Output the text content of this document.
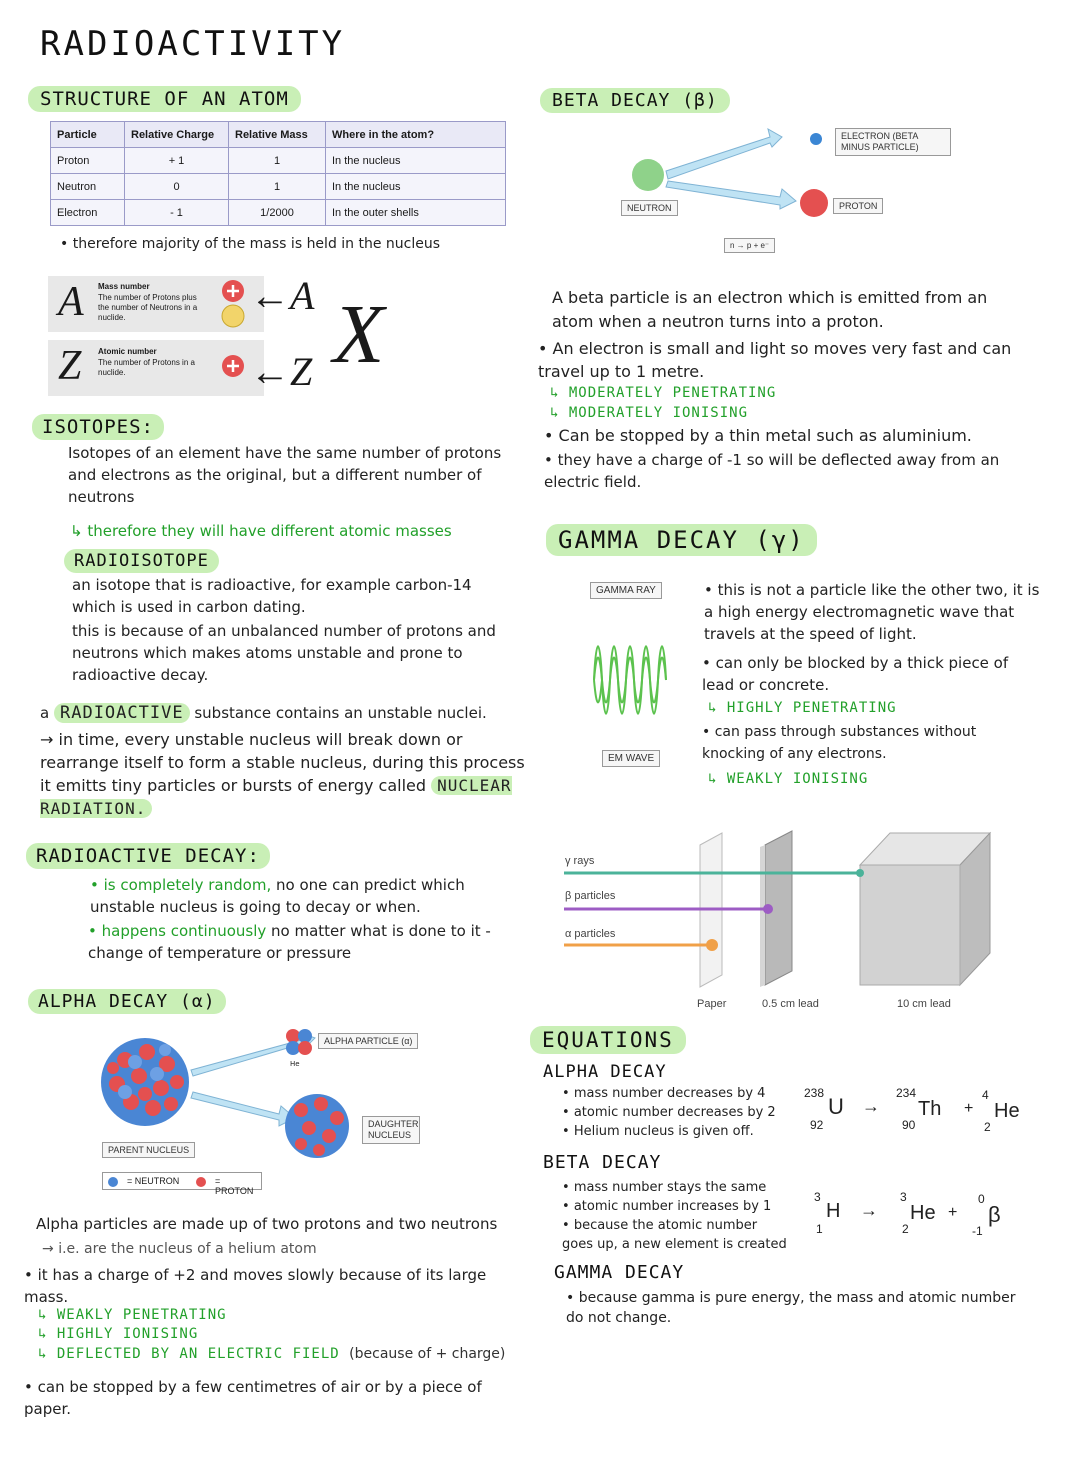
RADIOACTIVITY
STRUCTURE OF AN ATOM
Particle	Relative Charge	Relative Mass	Where in the atom?
Proton	+ 1	1	In the nucleus
Neutron	0	1	In the nucleus
Electron	- 1	1/2000	In the outer shells
• therefore majority of the mass is held in the nucleus
A Mass number
The number of Protons plus the number of Neutrons in a nuclide.
Z Atomic number
The number of Protons in a nuclide.
←A
←Z X
ISOTOPES:
Isotopes of an element have the same number of protons and electrons as the original, but a different number of neutrons
↳ therefore they will have different atomic masses
RADIOISOTOPE
an isotope that is radioactive, for example carbon-14 which is used in carbon dating.
this is because of an unbalanced number of protons and neutrons which makes atoms unstable and prone to radioactive decay.
a RADIOACTIVE substance contains an unstable nuclei.
→ in time, every unstable nucleus will break down or rearrange itself to form a stable nucleus, during this process it emitts tiny particles or bursts of energy called NUCLEAR RADIATION.
RADIOACTIVE DECAY:
• is completely random, no one can predict which unstable nucleus is going to decay or when.
• happens continuously no matter what is done to it - change of temperature or pressure
ALPHA DECAY (α)
He
ALPHA PARTICLE (α)
PARENT NUCLEUS
DAUGHTER NUCLEUS
= NEUTRON	= PROTON
Alpha particles are made up of two protons and two neutrons
→ i.e. are the nucleus of a helium atom
• it has a charge of +2 and moves slowly because of its large mass.
↳ WEAKLY PENETRATING
↳ HIGHLY IONISING
↳ DEFLECTED BY AN ELECTRIC FIELD (because of + charge)
• can be stopped by a few centimetres of air or by a piece of paper.
BETA DECAY (β)
ELECTRON (BETA MINUS PARTICLE)
NEUTRON	PROTON
n → p + e⁻
A beta particle is an electron which is emitted from an atom when a neutron turns into a proton.
• An electron is small and light so moves very fast and can travel up to 1 metre.
↳ MODERATELY PENETRATING
↳ MODERATELY IONISING
• Can be stopped by a thin metal such as aluminium.
• they have a charge of -1 so will be deflected away from an electric field.
GAMMA DECAY (γ)
GAMMA RAY
EM WAVE
• this is not a particle like the other two, it is a high energy electromagnetic wave that travels at the speed of light.
• can only be blocked by a thick piece of lead or concrete.
↳ HIGHLY PENETRATING
• can pass through substances without knocking of any electrons.
↳ WEAKLY IONISING
γ rays
β particles
α particles
Paper	0.5 cm lead	10 cm lead
EQUATIONS
ALPHA DECAY
• mass number decreases by 4
• atomic number decreases by 2
• Helium nucleus is given off.
238
92
U →
234
90
Th +
4
2
He
BETA DECAY
• mass number stays the same
• atomic number increases by 1
• because the atomic number goes up, a new element is created
3
1
H →
3
2
He +
0
-1
β
GAMMA DECAY
• because gamma is pure energy, the mass and atomic number do not change.
